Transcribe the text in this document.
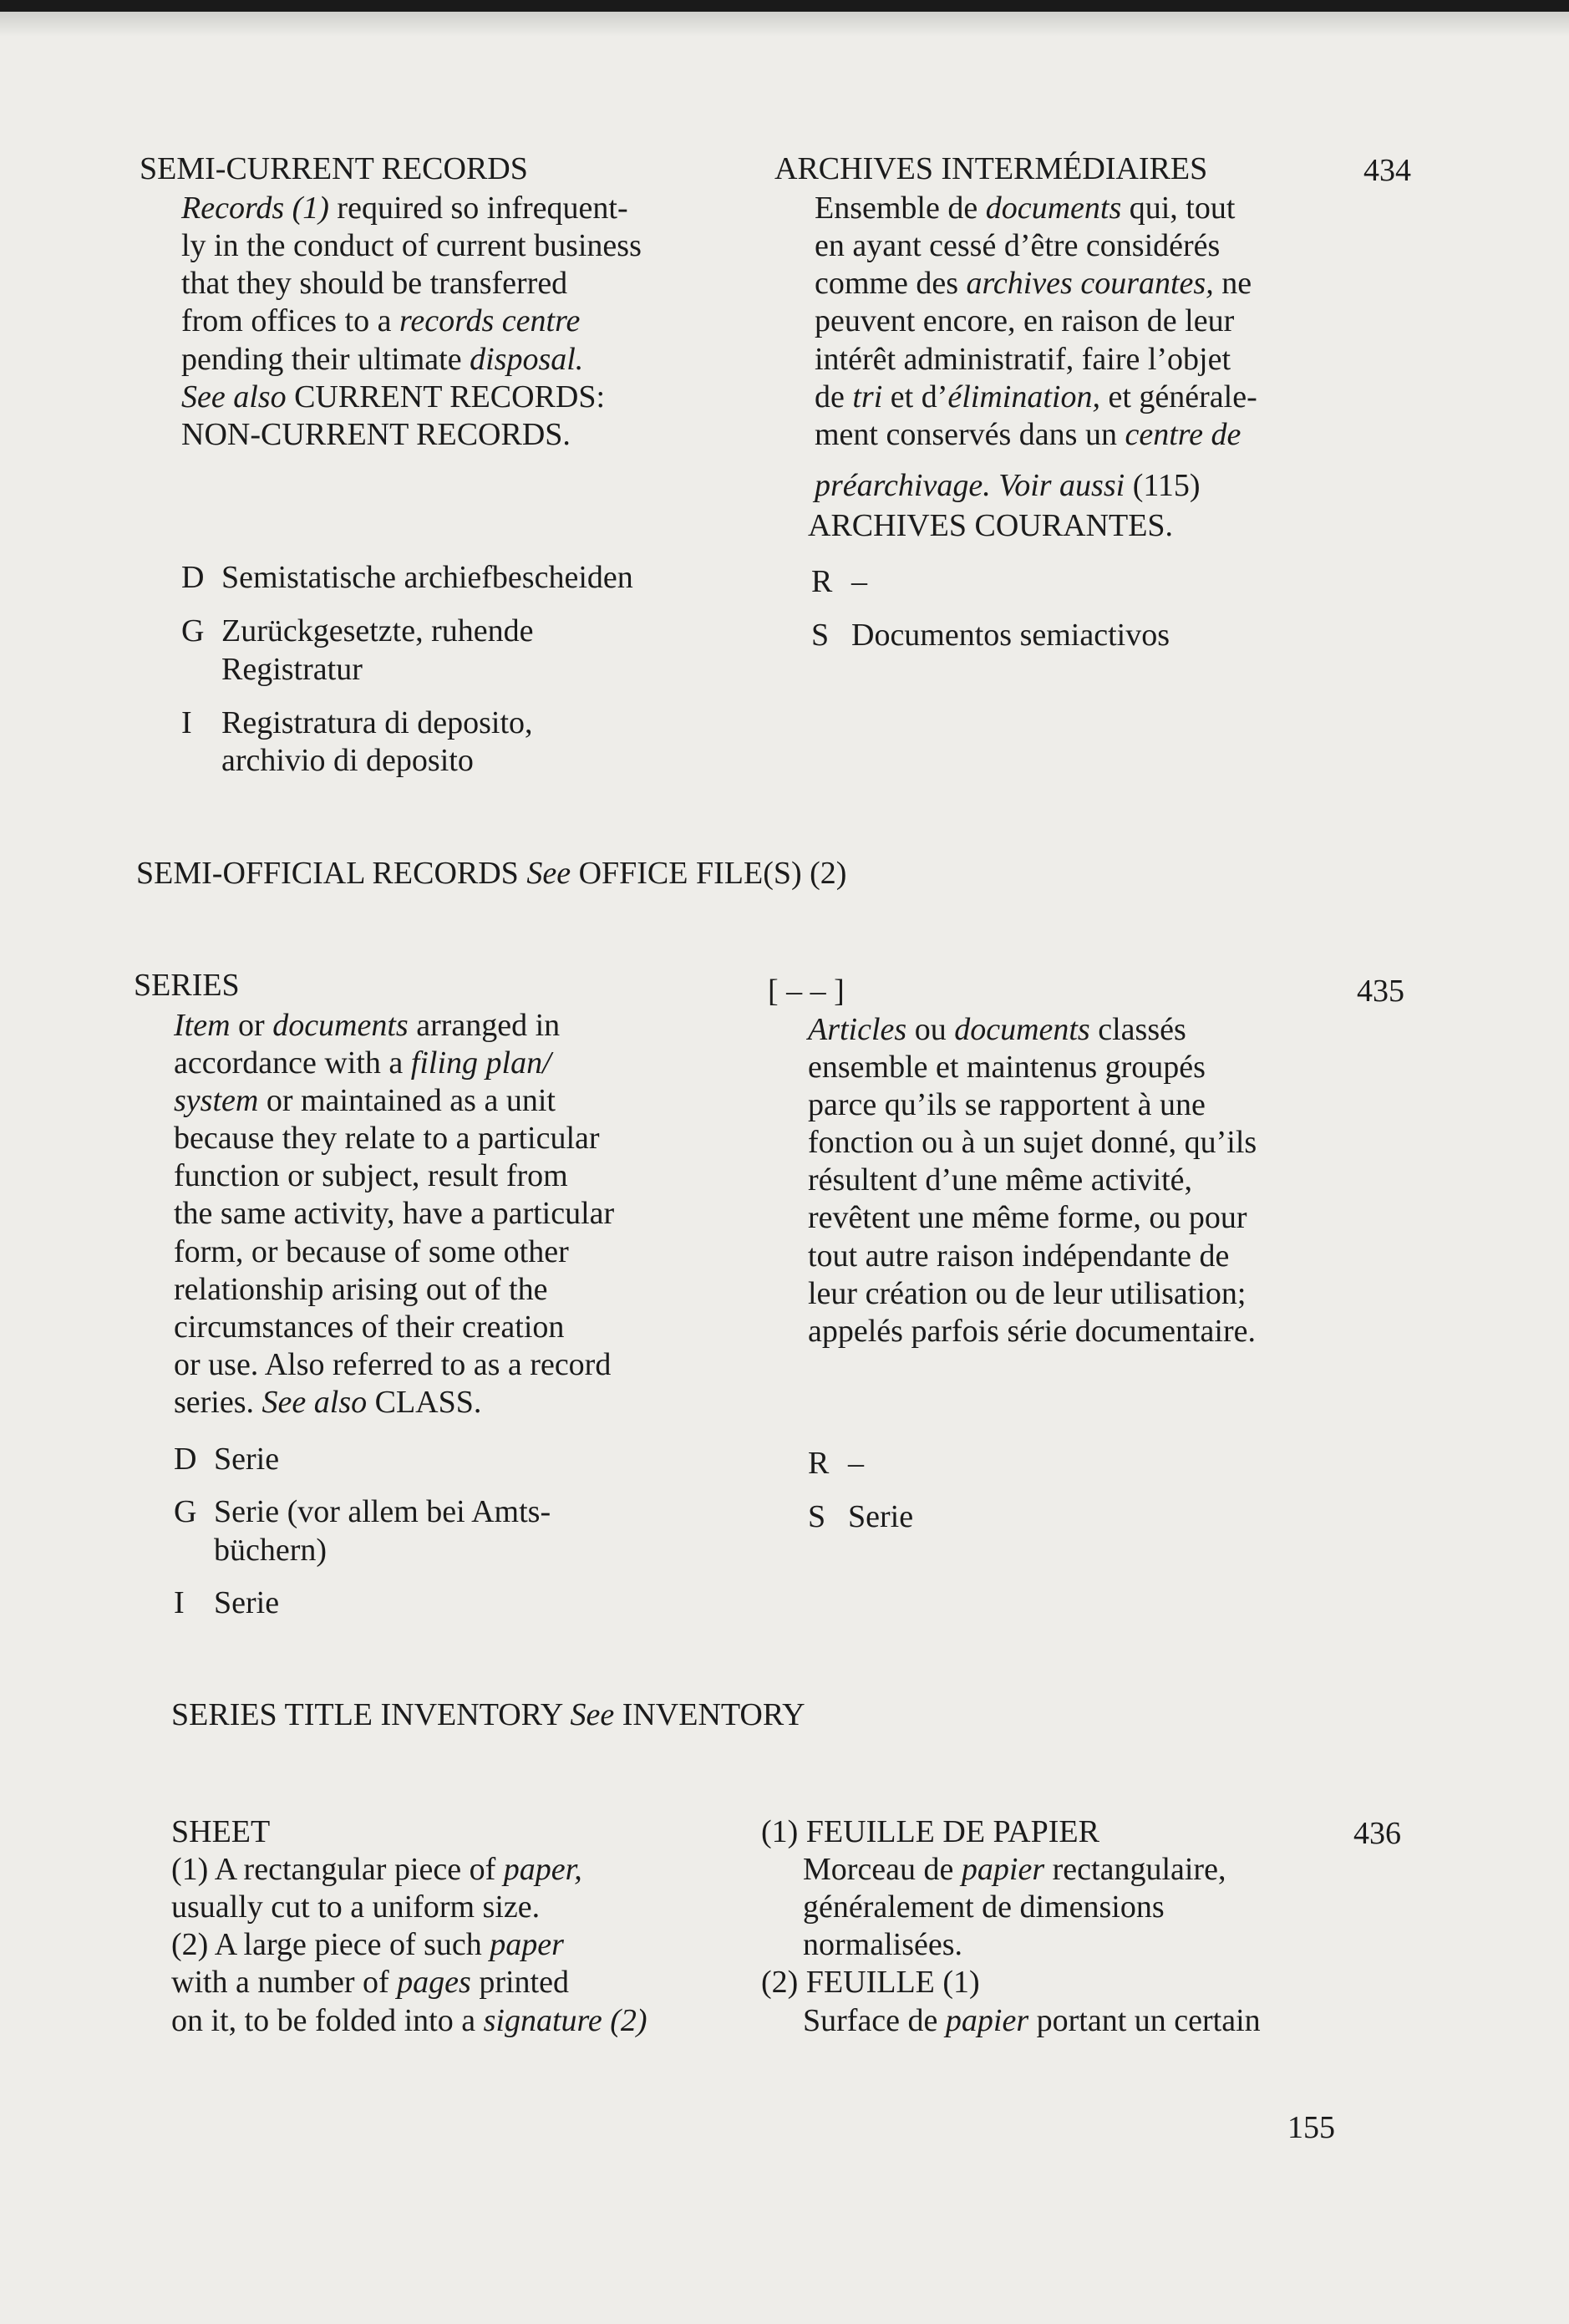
SEMI-CURRENT RECORDS
Records (1) required so infrequent-
ly in the conduct of current business
that they should be transferred
from offices to a records centre
pending their ultimate disposal.
See also CURRENT RECORDS:
NON-CURRENT RECORDS.
ARCHIVES INTERMÉDIAIRES	434
Ensemble de documents qui, tout
en ayant cessé d’être considérés
comme des archives courantes, ne
peuvent encore, en raison de leur
intérêt administratif, faire l’objet
de tri et d’élimination, et générale-
ment conservés dans un centre de
préarchivage. Voir aussi (115)
ARCHIVES COURANTES.
D Semistatische archiefbescheiden
G Zurückgesetzte, ruhende
Registratur
I Registratura di deposito,
archivio di deposito
R –
S Documentos semiactivos
SEMI-OFFICIAL RECORDS See OFFICE FILE(S) (2)
SERIES
Item or documents arranged in
accordance with a filing plan/
system or maintained as a unit
because they relate to a particular
function or subject, result from
the same activity, have a particular
form, or because of some other
relationship arising out of the
circumstances of their creation
or use. Also referred to as a record
series. See also CLASS.
[ – – ]	435
Articles ou documents classés
ensemble et maintenus groupés
parce qu’ils se rapportent à une
fonction ou à un sujet donné, qu’ils
résultent d’une même activité,
revêtent une même forme, ou pour
tout autre raison indépendante de
leur création ou de leur utilisation;
appelés parfois série documentaire.
D Serie
G Serie (vor allem bei Amts-
büchern)
I Serie
R –
S Serie
SERIES TITLE INVENTORY See INVENTORY
SHEET
(1) A rectangular piece of paper,
usually cut to a uniform size.
(2) A large piece of such paper
with a number of pages printed
on it, to be folded into a signature (2)
(1) FEUILLE DE PAPIER	436
Morceau de papier rectangulaire,
généralement de dimensions
normalisées.
(2) FEUILLE (1)
Surface de papier portant un certain
155
